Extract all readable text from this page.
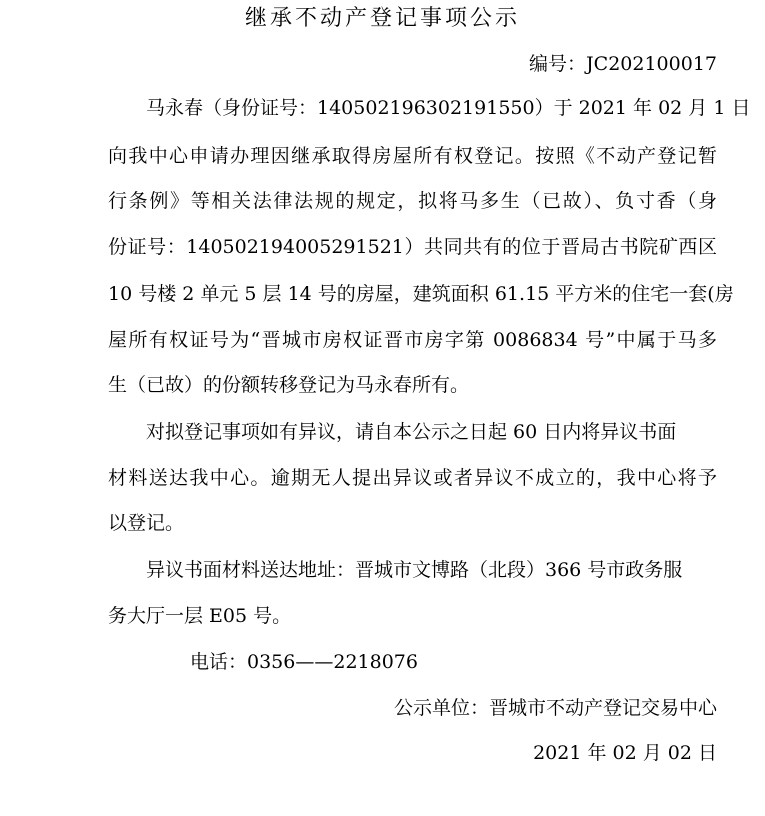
继承不动产登记事项公示
编号：JC202100017
马永春（身份证号：140502196302191550）于 2021 年 02 月 1 日
向我中心申请办理因继承取得房屋所有权登记。按照《不动产登记暂
行条例》等相关法律法规的规定，拟将马多生（已故）、负寸香（身
份证号：140502194005291521）共同共有的位于晋局古书院矿西区
10 号楼 2 单元 5 层 14 号的房屋，建筑面积 61.15 平方米的住宅一套(房
屋所有权证号为“晋城市房权证晋市房字第 0086834 号”中属于马多
生（已故）的份额转移登记为马永春所有。
对拟登记事项如有异议，请自本公示之日起 60 日内将异议书面
材料送达我中心。逾期无人提出异议或者异议不成立的，我中心将予
以登记。
异议书面材料送达地址：晋城市文博路（北段）366 号市政务服
务大厅一层 E05 号。
电话：0356——2218076
公示单位：晋城市不动产登记交易中心
2021 年 02 月 02 日
